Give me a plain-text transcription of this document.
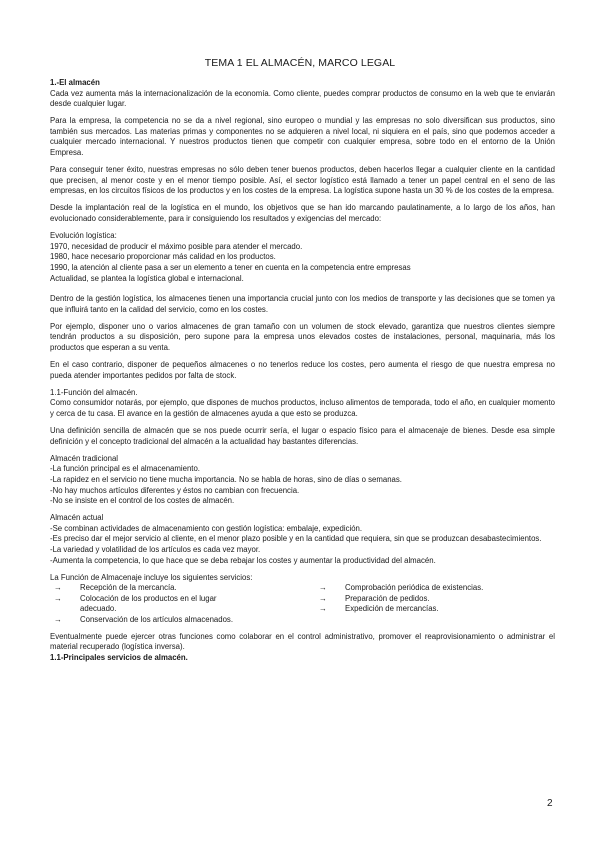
TEMA 1 EL ALMACÉN, MARCO LEGAL
1.-El almacén

Cada vez aumenta más la internacionalización de la economía. Como cliente, puedes comprar productos de consumo en la web que te enviarán desde cualquier lugar.

Para la empresa, la competencia no se da a nivel regional, sino europeo o mundial y las empresas no solo diversifican sus productos, sino también sus mercados. Las materias primas y componentes no se adquieren a nivel local, ni siquiera en el país, sino que podemos acceder a cualquier mercado internacional. Y nuestros productos tienen que competir con cualquier empresa, sobre todo en el entorno de la Unión Empresa.

Para conseguir tener éxito, nuestras empresas no sólo deben tener buenos productos, deben hacerlos llegar a cualquier cliente en la cantidad que precisen, al menor coste y en el menor tiempo posible. Así, el sector logístico está llamado a tener un papel central en el seno de las empresas, en los circuitos físicos de los productos y en los costes de la empresa. La logística supone hasta un 30 % de los costes de la empresa.

Desde la implantación real de la logística en el mundo, los objetivos que se han ido marcando paulatinamente, a lo largo de los años, han evolucionado considerablemente, para ir consiguiendo los resultados y exigencias del mercado:

Evolución logística:
1970, necesidad de producir el máximo posible para atender el mercado.
1980, hace necesario proporcionar más calidad en los productos.
1990, la atención al cliente pasa a ser un elemento a tener en cuenta en la competencia entre empresas
Actualidad, se plantea la logística global e internacional.

Dentro de la gestión logística, los almacenes tienen una importancia crucial junto con los medios de transporte y las decisiones que se tomen ya que influirá tanto en la calidad del servicio, como en los costes.

Por ejemplo, disponer uno o varios almacenes de gran tamaño con un volumen de stock elevado, garantiza que nuestros clientes siempre tendrán productos a su disposición, pero supone para la empresa unos elevados costes de instalaciones, personal, maquinaria, más los productos que esperan a su venta.

En el caso contrario, disponer de pequeños almacenes o no tenerlos reduce los costes, pero aumenta el riesgo de que nuestra empresa no pueda atender importantes pedidos por falta de stock.

1.1-Función del almacén.

Como consumidor notarás, por ejemplo, que dispones de muchos productos, incluso alimentos de temporada, todo el año, en cualquier momento y cerca de tu casa. El avance en la gestión de almacenes ayuda a que esto se produzca.

Una definición sencilla de almacén que se nos puede ocurrir sería, el lugar o espacio físico para el almacenaje de bienes. Desde esa simple definición y el concepto tradicional del almacén a la actualidad hay bastantes diferencias.

Almacén tradicional
-La función principal es el almacenamiento.
-La rapidez en el servicio no tiene mucha importancia. No se habla de horas, sino de días o semanas.
-No hay muchos artículos diferentes y éstos no cambian con frecuencia.
-No se insiste en el control de los costes de almacén.
Almacén actual
-Se combinan actividades de almacenamiento con gestión logística: embalaje, expedición.
-Es preciso dar el mejor servicio al cliente, en el menor plazo posible y en la cantidad que requiera, sin que se produzcan desabastecimientos.
-La variedad y volatilidad de los artículos es cada vez mayor.
-Aumenta la competencia, lo que hace que se deba rebajar los costes y aumentar la productividad del almacén.
La Función de Almacenaje incluye los siguientes servicios:
→	Recepción de la mercancía.
→	Colocación de los productos en el lugar adecuado.
→	Conservación de los artículos almacenados.
→	Comprobación periódica de existencias.
→	Preparación de pedidos.
→	Expedición de mercancías.

Eventualmente puede ejercer otras funciones como colaborar en el control administrativo, promover el reaprovisionamiento o administrar el material recuperado (logística inversa).

1.1-Principales servicios de almacén.
2
